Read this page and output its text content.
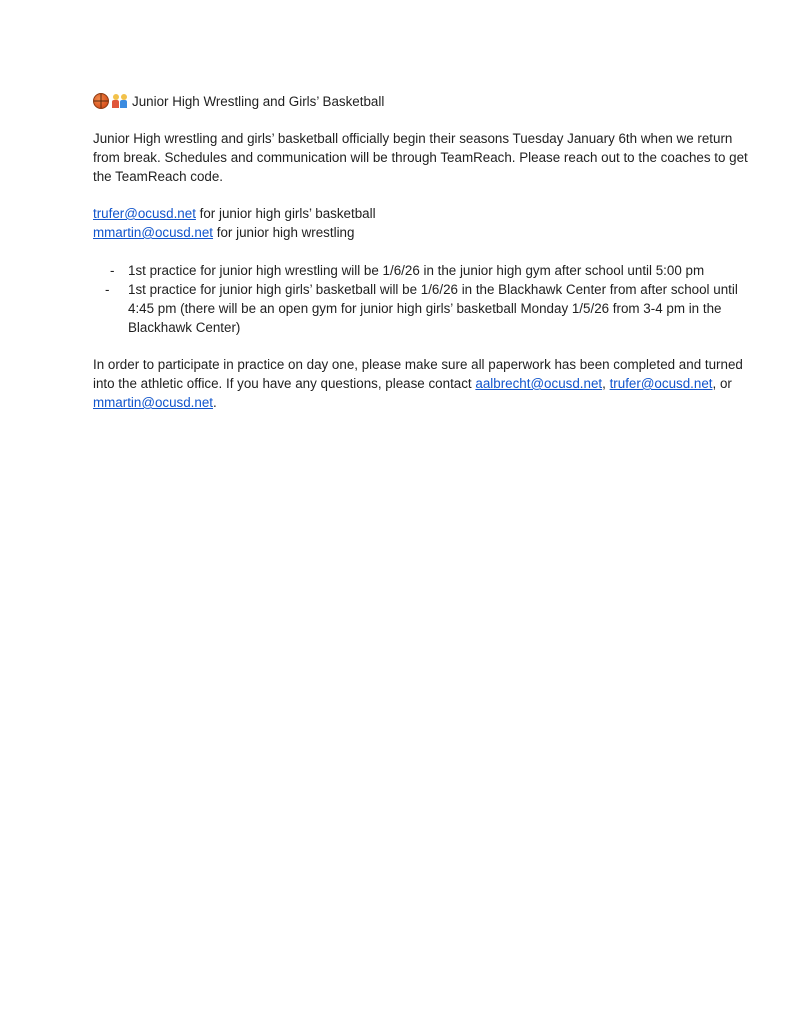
Junior High Wrestling and Girls’ Basketball

Junior High wrestling and girls’ basketball officially begin their seasons Tuesday January 6th when we return from break. Schedules and communication will be through TeamReach. Please reach out to the coaches to get the TeamReach code.

trufer@ocusd.net for junior high girls’ basketball
mmartin@ocusd.net for junior high wrestling
- 1st practice for junior high wrestling will be 1/6/26 in the junior high gym after school until 5:00 pm
- 1st practice for junior high girls’ basketball will be 1/6/26 in the Blackhawk Center from after school until 4:45 pm (there will be an open gym for junior high girls’ basketball Monday 1/5/26 from 3-4 pm in the Blackhawk Center)

In order to participate in practice on day one, please make sure all paperwork has been completed and turned into the athletic office. If you have any questions, please contact aalbrecht@ocusd.net, trufer@ocusd.net, or mmartin@ocusd.net.
